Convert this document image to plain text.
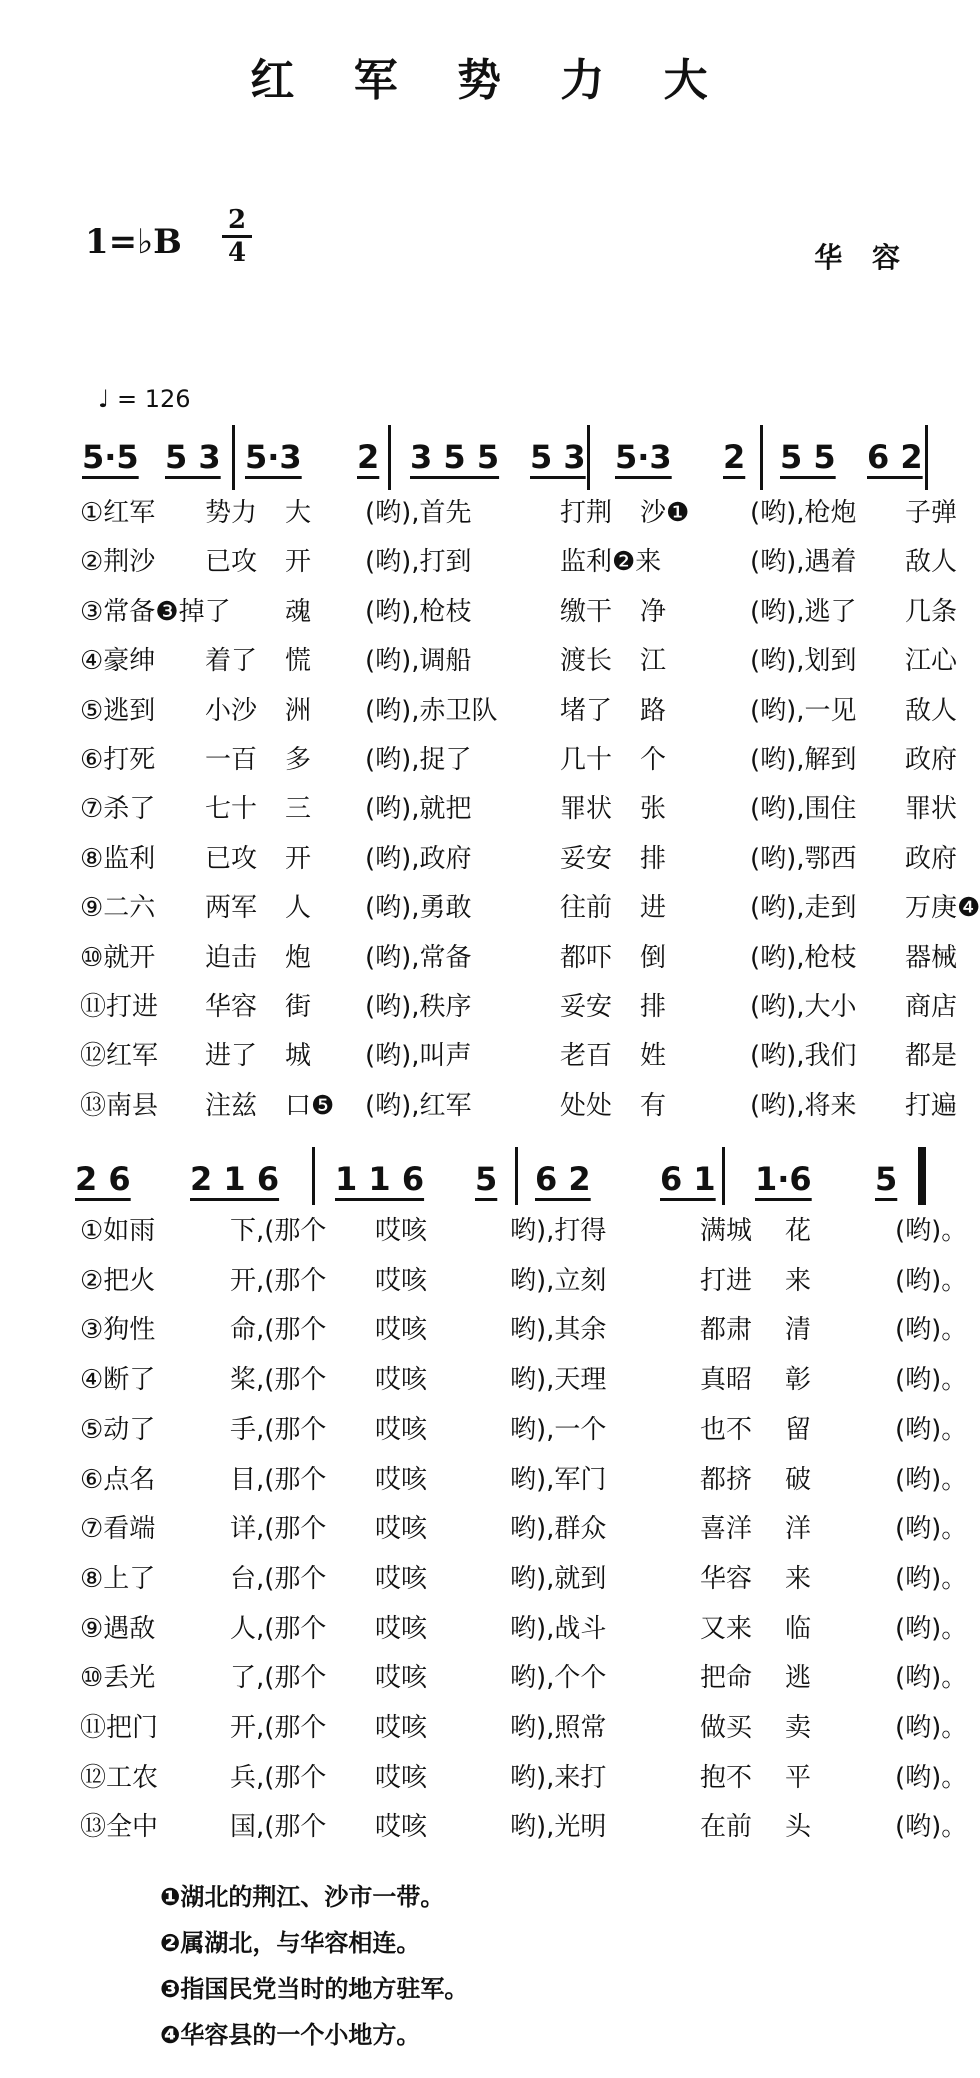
红 军 势 力 大
1=♭B
2
4	华 容
♩ = 126
5·5 5 3 5·3 2 3 5 5 5 3 5·3 2 5 5 6 2
①红军 势力 大 (哟),首先	打荆 沙❶ (哟),枪炮 子弹
②荆沙 已攻 开 (哟),打到	监利❷来	(哟),遇着 敌人
③常备❸掉了 魂 (哟),枪枝	缴干 净	(哟),逃了 几条
④豪绅 着了 慌 (哟),调船	渡长 江	(哟),划到 江心
⑤逃到 小沙 洲 (哟),赤卫队 堵了 路	(哟),一见 敌人
⑥打死 一百 多 (哟),捉了	几十 个	(哟),解到 政府
⑦杀了 七十 三 (哟),就把	罪状 张	(哟),围住 罪状
⑧监利 已攻 开 (哟),政府	妥安 排	(哟),鄂西 政府
⑨二六 两军 人 (哟),勇敢	往前 进	(哟),走到 万庚❹
⑩就开 迫击 炮 (哟),常备	都吓 倒	(哟),枪枝 器械
⑪打进 华容 街 (哟),秩序	妥安 排	(哟),大小 商店
⑫红军 进了 城 (哟),叫声	老百 姓	(哟),我们 都是
⑬南县 注兹 口❺ (哟),红军	处处 有	(哟),将来 打遍
2 6 2 1 6 1 1 6 5 6 2 6 1 1·6 5
①如雨	下,(那个 哎咳	哟),打得	满城 花	(哟)。
②把火	开,(那个 哎咳	哟),立刻	打进 来	(哟)。
③狗性	命,(那个 哎咳	哟),其余	都肃 清	(哟)。
④断了	桨,(那个 哎咳	哟),天理	真昭 彰	(哟)。
⑤动了	手,(那个 哎咳	哟),一个	也不 留	(哟)。
⑥点名	目,(那个 哎咳	哟),军门	都挤 破	(哟)。
⑦看端	详,(那个 哎咳	哟),群众	喜洋 洋	(哟)。
⑧上了	台,(那个 哎咳	哟),就到	华容 来	(哟)。
⑨遇敌	人,(那个 哎咳	哟),战斗	又来 临	(哟)。
⑩丢光	了,(那个 哎咳	哟),个个	把命 逃	(哟)。
⑪把门	开,(那个 哎咳	哟),照常	做买 卖	(哟)。
⑫工农	兵,(那个 哎咳	哟),来打	抱不 平	(哟)。
⑬全中	国,(那个 哎咳	哟),光明	在前 头	(哟)。
❶湖北的荆江、沙市一带。
❷属湖北，与华容相连。
❸指国民党当时的地方驻军。
❹华容县的一个小地方。
